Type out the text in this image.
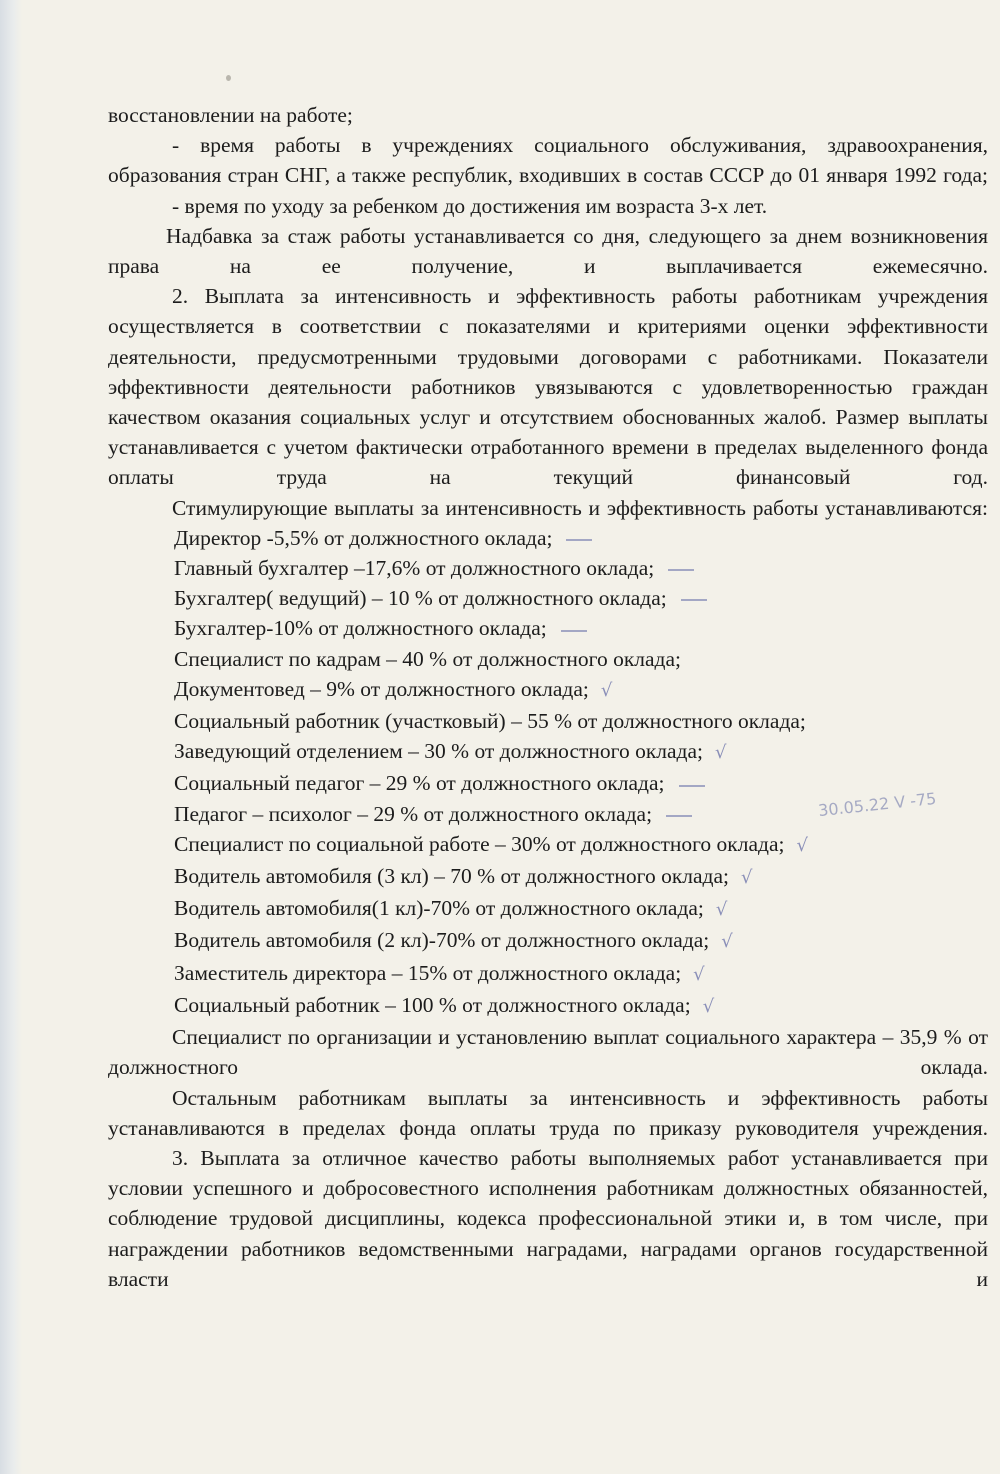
восстановлении на работе;

- время работы в учреждениях социального обслуживания, здравоохранения, образования стран СНГ, а также республик, входивших в состав СССР до 01 января 1992 года;

- время по уходу за ребенком до достижения им возраста 3-х лет.

Надбавка за стаж работы устанавливается со дня, следующего за днем возникновения права на ее получение, и выплачивается ежемесячно.

2. Выплата за интенсивность и эффективность работы работникам учреждения осуществляется в соответствии с показателями и критериями оценки эффективности деятельности, предусмотренными трудовыми договорами с работниками. Показатели эффективности деятельности работников увязываются с удовлетворенностью граждан качеством оказания социальных услуг и отсутствием обоснованных жалоб. Размер выплаты устанавливается с учетом фактически отработанного времени в пределах выделенного фонда оплаты труда на текущий финансовый год.

Стимулирующие выплаты за интенсивность и эффективность работы устанавливаются:

Директор -5,5% от должностного оклада;
Главный бухгалтер –17,6% от должностного оклада;
Бухгалтер( ведущий) – 10 % от должностного оклада;
Бухгалтер-10% от должностного оклада;
Специалист по кадрам – 40 % от должностного оклада;
Документовед – 9% от должностного оклада; √
Социальный работник (участковый) – 55 % от должностного оклада;
Заведующий отделением – 30 % от должностного оклада; √
Социальный педагог – 29 % от должностного оклада;
Педагог – психолог – 29 % от должностного оклада;
Специалист по социальной работе – 30% от должностного оклада; √
Водитель автомобиля (3 кл) – 70 % от должностного оклада; √
Водитель автомобиля(1 кл)-70% от должностного оклада; √
Водитель автомобиля (2 кл)-70% от должностного оклада; √
Заместитель директора – 15% от должностного оклада; √
Социальный работник – 100 % от должностного оклада; √

Специалист по организации и установлению выплат социального характера – 35,9 % от должностного оклада.

Остальным работникам выплаты за интенсивность и эффективность работы устанавливаются в пределах фонда оплаты труда по приказу руководителя учреждения.

3. Выплата за отличное качество работы выполняемых работ устанавливается при условии успешного и добросовестного исполнения работникам должностных обязанностей, соблюдение трудовой дисциплины, кодекса профессиональной этики и, в том числе, при награждении работников ведомственными наградами, наградами органов государственной власти и

30.05.22 V -75
